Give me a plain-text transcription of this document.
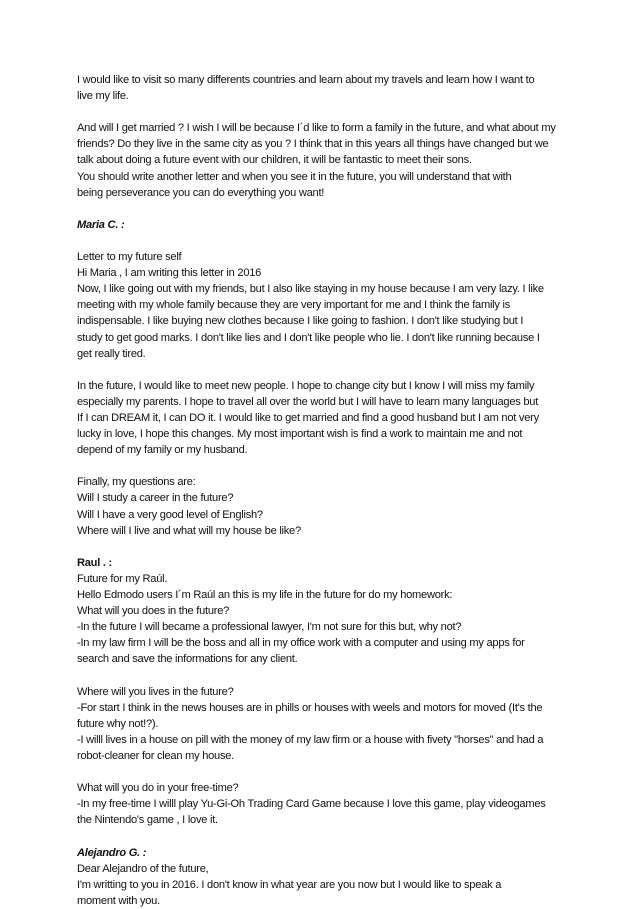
I would like to visit so many differents countries and learn about my travels and learn how I want to
live my life.
And will I get married ? I wish I will be because I´d like to form a family in the future, and what about my
friends? Do they live in the same city as you ? I think that in this years all things have changed but we
talk about doing a future event with our children, it will be fantastic to meet their sons.
You should write another letter and when you see it in the future, you will understand that with
being perseverance you can do everything you want!
Maria C. :
Letter to my future self
Hi Maria , I am writing this letter in 2016
Now, I like going out with my friends, but I also like staying in my house because I am very lazy. I like
meeting with my whole family because they are very important for me and I think the family is
indispensable. I like buying new clothes because I like going to fashion. I don't like studying but I
study to get good marks. I don't like lies and I don't like people who lie. I don't like running because I
get really tired.
In the future, I would like to meet new people. I hope to change city but I know I will miss my family
especially my parents. I hope to travel all over the world but I will have to learn many languages but
If I can DREAM it, I can DO it. I would like to get married and find a good husband but I am not very
lucky in love, I hope this changes. My most important wish is find a work to maintain me and not
depend of my family or my husband.
Finally, my questions are:
Will I study a career in the future?
Will I have a very good level of English?
Where will I live and what will my house be like?
Raul . :
Future for my Raúl.
Hello Edmodo users I´m Raúl an this is my life in the future for do my homework:
What will you does in the future?
-In the future I will became a professional lawyer, I'm not sure for this but, why not?
-In my law firm I will be the boss and all in my office work with a computer and using my apps for
search and save the informations for any client.
Where will you lives in the future?
-For start I think in the news houses are in phills or houses with weels and motors for moved (It's the
future why not!?).
-I willl lives in a house on pill with the money of my law firm or a house with fivety "horses" and had a
robot-cleaner for clean my house.
What will you do in your free-time?
-In my free-time I willl play Yu-Gi-Oh Trading Card Game because I love this game, play videogames
the Nintendo's game , I love it.
Alejandro G. :
Dear Alejandro of the future,
I'm writting to you in 2016. I don't know in what year are you now but I would like to speak a
moment with you.
